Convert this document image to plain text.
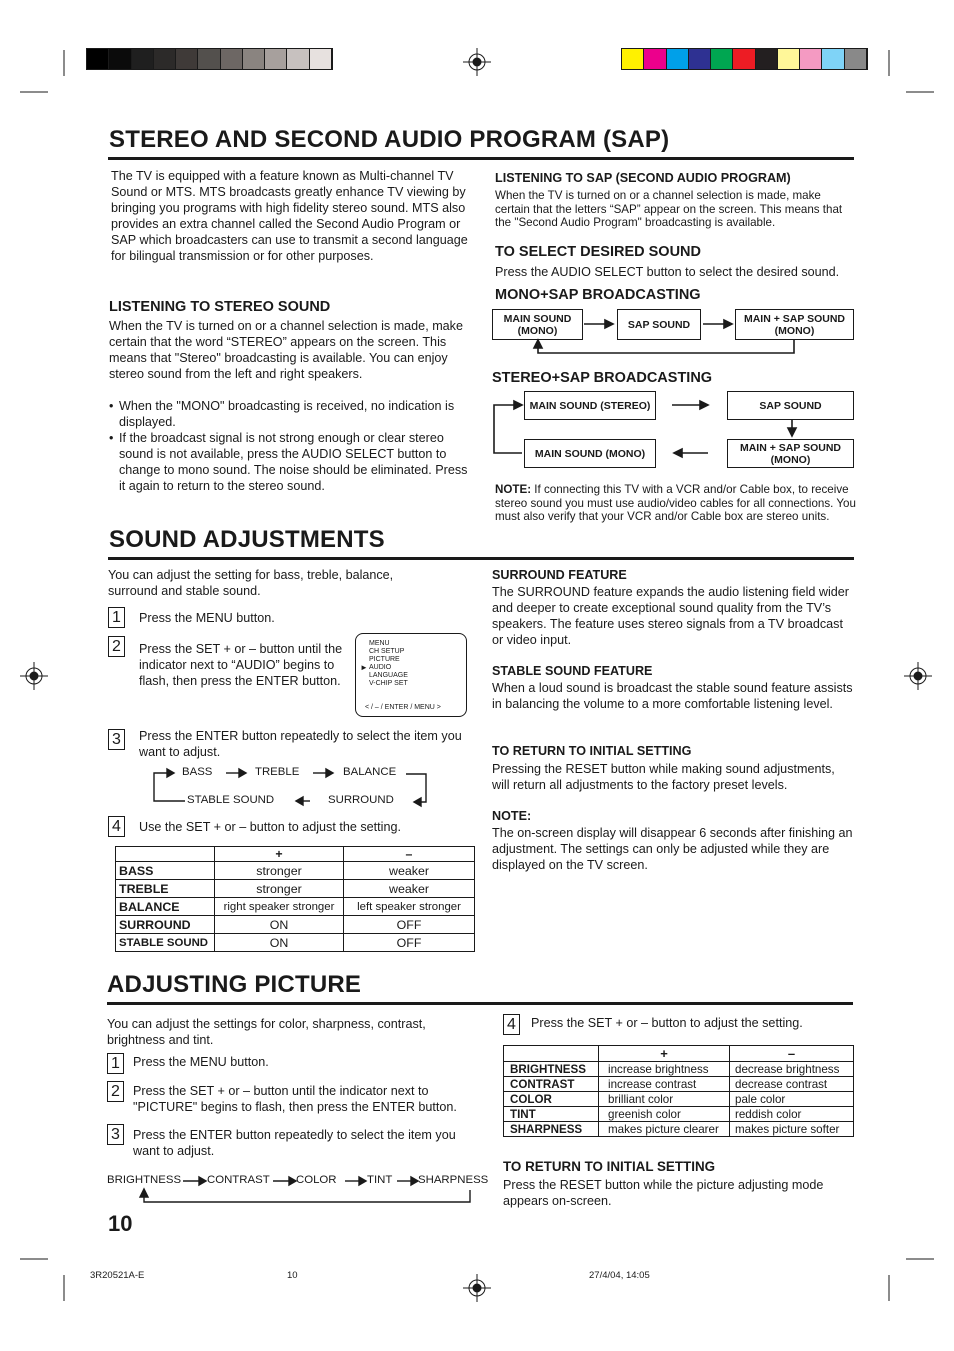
STEREO AND SECOND AUDIO PROGRAM (SAP)

The TV is equipped with a feature known as Multi-channel TV Sound or MTS. MTS broadcasts greatly enhance TV viewing by bringing you programs with high fidelity stereo sound. MTS also provides an extra channel called the Second Audio Program or SAP which broadcasters can use to transmit a second language for bilingual transmission or for other purposes.

LISTENING TO STEREO SOUND

When the TV is turned on or a channel selection is made, make certain that the word “STEREO” appears on the screen. This means that "Stereo" broadcasting is available. You can enjoy stereo sound from the left and right speakers.

• When the "MONO" broadcasting is received, no indication is displayed.
• If the broadcast signal is not strong enough or clear stereo sound is not available, press the AUDIO SELECT button to change to mono sound. The noise should be eliminated. Press it again to return to the stereo sound.
LISTENING TO SAP (SECOND AUDIO PROGRAM)

When the TV is turned on or a channel selection is made, make certain that the letters “SAP” appear on the screen. This means that the "Second Audio Program" broadcasting is available.

TO SELECT DESIRED SOUND

Press the AUDIO SELECT button to select the desired sound.

MONO+SAP BROADCASTING
MAIN SOUND (MONO)	SAP SOUND	MAIN + SAP SOUND (MONO)
STEREO+SAP BROADCASTING
MAIN SOUND (STEREO)	SAP SOUND
MAIN + SAP SOUND (MONO)
MAIN SOUND (MONO)

NOTE: If connecting this TV with a VCR and/or Cable box, to receive stereo sound you must use audio/video cables for all connections. You must also verify that your VCR and/or Cable box are stereo units.

SOUND ADJUSTMENTS

You can adjust the setting for bass, treble, balance, surround and stable sound.

1	Press the MENU button.

2	Press the SET + or – button until the indicator next to “AUDIO” begins to flash, then press the ENTER button.

MENU
CH SETUP
PICTURE
AUDIO
LANGUAGE
V-CHIP SET
►
< / – / ENTER / MENU >
3	Press the ENTER button repeatedly to select the item you want to adjust.

BASS	TREBLE	BALANCE
SURROUND
STABLE SOUND
4	Use the SET + or – button to adjust the setting.

	+	–
BASS	stronger	weaker
TREBLE	stronger	weaker
BALANCE	right speaker stronger	left speaker stronger
SURROUND	ON	OFF
STABLE SOUND	ON	OFF
SURROUND FEATURE

The SURROUND feature expands the audio listening field wider and deeper to create exceptional sound quality from the TV’s speakers. The feature uses stereo signals from a TV broadcast or video input.

STABLE SOUND FEATURE

When a loud sound is broadcast the stable sound feature assists in balancing the volume to a more comfortable listening level.

TO RETURN TO INITIAL SETTING

Pressing the RESET button while making sound adjustments, will return all adjustments to the factory preset levels.

NOTE:

The on-screen display will disappear 6 seconds after finishing an adjustment. The settings can only be adjusted while they are displayed on the TV screen.

ADJUSTING PICTURE

You can adjust the settings for color, sharpness, contrast, brightness and tint.

1	Press the MENU button.

2	Press the SET + or – button until the indicator next to "PICTURE" begins to flash, then press the ENTER button.

3	Press the ENTER button repeatedly to select the item you want to adjust.

BRIGHTNESS CONTRAST COLOR	TINT SHARPNESS
4	Press the SET + or – button to adjust the setting.

	+	–
BRIGHTNESS	increase brightness	decrease brightness
CONTRAST	increase contrast	decrease contrast
COLOR	brilliant color	pale color
TINT	greenish color	reddish color
SHARPNESS	makes picture clearer	makes picture softer
TO RETURN TO INITIAL SETTING

Press the RESET button while the picture adjusting mode appears on-screen.

10
3R20521A-E	10	27/4/04, 14:05
